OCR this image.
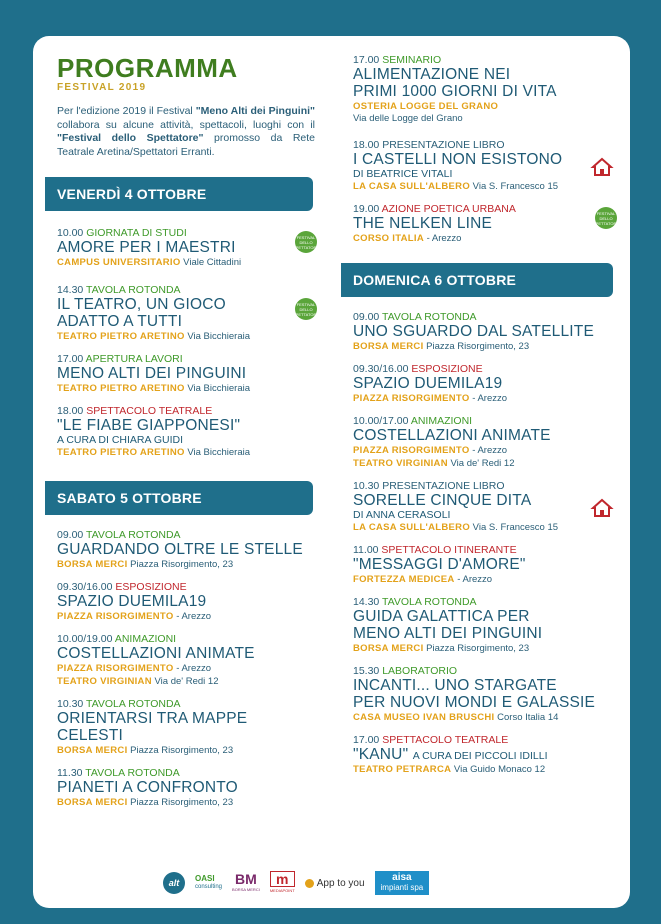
PROGRAMMA
FESTIVAL 2019
Per l'edizione 2019 il Festival "Meno Alti dei Pinguini" collabora su alcune attività, spettacoli, luoghi con il "Festival dello Spettatore" promosso da Rete Teatrale Aretina/Spettatori Erranti.
VENERDÌ 4 OTTOBRE
10.00 GIORNATA DI STUDI
AMORE PER I MAESTRI
CAMPUS UNIVERSITARIO Viale Cittadini
FESTIVAL DELLO SPETTATORE
14.30 TAVOLA ROTONDA
IL TEATRO, UN GIOCO
ADATTO A TUTTI
TEATRO PIETRO ARETINO Via Bicchieraia
FESTIVAL DELLO SPETTATORE
17.00 APERTURA LAVORI
MENO ALTI DEI PINGUINI
TEATRO PIETRO ARETINO Via Bicchieraia
18.00 SPETTACOLO TEATRALE
"LE FIABE GIAPPONESI"
A CURA DI CHIARA GUIDI
TEATRO PIETRO ARETINO Via Bicchieraia
SABATO 5 OTTOBRE
09.00 TAVOLA ROTONDA
GUARDANDO OLTRE LE STELLE
BORSA MERCI Piazza Risorgimento, 23
09.30/16.00 ESPOSIZIONE
SPAZIO DUEMILA19
PIAZZA RISORGIMENTO - Arezzo
10.00/19.00 ANIMAZIONI
COSTELLAZIONI ANIMATE
PIAZZA RISORGIMENTO - Arezzo
TEATRO VIRGINIAN Via de' Redi 12
10.30 TAVOLA ROTONDA
ORIENTARSI TRA MAPPE CELESTI
BORSA MERCI Piazza Risorgimento, 23
11.30 TAVOLA ROTONDA
PIANETI A CONFRONTO
BORSA MERCI Piazza Risorgimento, 23
17.00 SEMINARIO
ALIMENTAZIONE NEI
PRIMI 1000 GIORNI DI VITA
OSTERIA LOGGE DEL GRANO
Via delle Logge del Grano
18.00 PRESENTAZIONE LIBRO
I CASTELLI NON ESISTONO
DI BEATRICE VITALI
LA CASA SULL'ALBERO Via S. Francesco 15
19.00 AZIONE POETICA URBANA
THE NELKEN LINE
CORSO ITALIA - Arezzo
FESTIVAL DELLO SPETTATORE
DOMENICA 6 OTTOBRE
09.00 TAVOLA ROTONDA
UNO SGUARDO DAL SATELLITE
BORSA MERCI Piazza Risorgimento, 23
09.30/16.00 ESPOSIZIONE
SPAZIO DUEMILA19
PIAZZA RISORGIMENTO - Arezzo
10.00/17.00 ANIMAZIONI
COSTELLAZIONI ANIMATE
PIAZZA RISORGIMENTO - Arezzo
TEATRO VIRGINIAN Via de' Redi 12
10.30 PRESENTAZIONE LIBRO
SORELLE CINQUE DITA
DI ANNA CERASOLI
LA CASA SULL'ALBERO Via S. Francesco 15
11.00 SPETTACOLO ITINERANTE
"MESSAGGI D'AMORE"
FORTEZZA MEDICEA - Arezzo
14.30 TAVOLA ROTONDA
GUIDA GALATTICA PER
MENO ALTI DEI PINGUINI
BORSA MERCI Piazza Risorgimento, 23
15.30 LABORATORIO
INCANTI... UNO STARGATE
PER NUOVI MONDI E GALASSIE
CASA MUSEO IVAN BRUSCHI Corso Italia 14
17.00 SPETTACOLO TEATRALE
"KANU" A CURA DEI PICCOLI IDILLI
TEATRO PETRARCA Via Guido Monaco 12
alt	OASI
consulting BM
BORSA MERCI
m
MEDIAPOINT
App to you	aisa
impianti spa
